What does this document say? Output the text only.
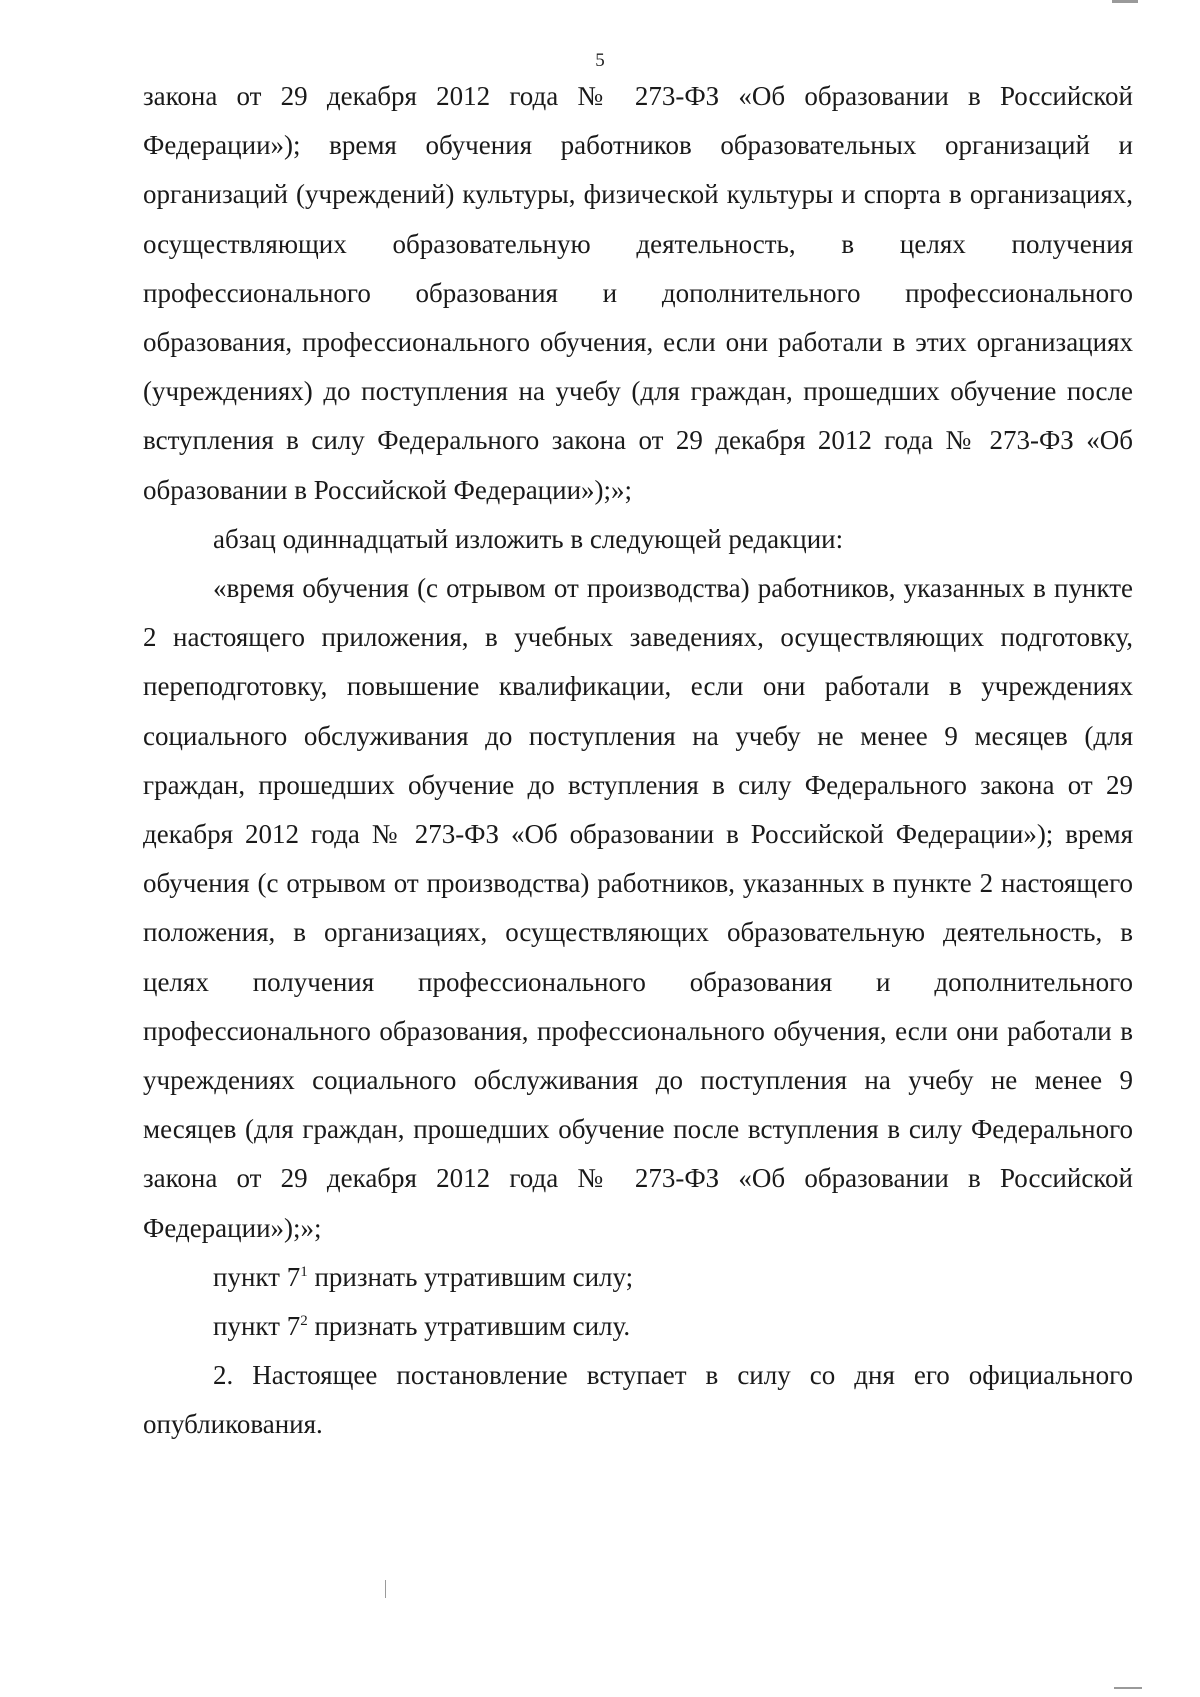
5

закона от 29 декабря 2012 года № 273-ФЗ «Об образовании в Российской Федерации»); время обучения работников образовательных организаций и организаций (учреждений) культуры, физической культуры и спорта в организациях, осуществляющих образовательную деятельность, в целях получения профессионального образования и дополнительного профессионального образования, профессионального обучения, если они работали в этих организациях (учреждениях) до поступления на учебу (для граждан, прошедших обучение после вступления в силу Федерального закона от 29 декабря 2012 года № 273-ФЗ «Об образовании в Российской Федерации»);»;

абзац одиннадцатый изложить в следующей редакции:

«время обучения (с отрывом от производства) работников, указанных в пункте 2 настоящего приложения, в учебных заведениях, осуществляющих подготовку, переподготовку, повышение квалификации, если они работали в учреждениях социального обслуживания до поступления на учебу не менее 9 месяцев (для граждан, прошедших обучение до вступления в силу Федерального закона от 29 декабря 2012 года № 273-ФЗ «Об образовании в Российской Федерации»); время обучения (с отрывом от производства) работников, указанных в пункте 2 настоящего положения, в организациях, осуществляющих образовательную деятельность, в целях получения профессионального образования и дополнительного профессионального образования, профессионального обучения, если они работали в учреждениях социального обслуживания до поступления на учебу не менее 9 месяцев (для граждан, прошедших обучение после вступления в силу Федерального закона от 29 декабря 2012 года № 273-ФЗ «Об образовании в Российской Федерации»);»;

пункт $7^1$ признать утратившим силу;

пункт $7^2$ признать утратившим силу.

2. Настоящее постановление вступает в силу со дня его официального опубликования.
